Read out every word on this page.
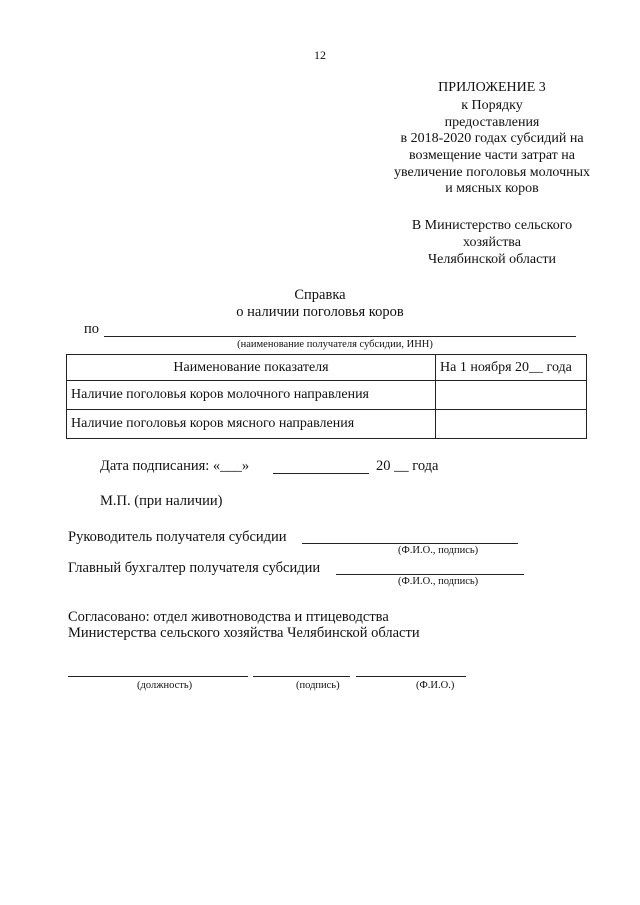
12
ПРИЛОЖЕНИЕ 3
к Порядку
предоставления
в 2018-2020 годах субсидий на
возмещение части затрат на
увеличение поголовья молочных
и мясных коров
В Министерство сельского
хозяйства
Челябинской области
Справка
о наличии поголовья коров
по
(наименование получателя субсидии, ИНН)
Наименование показателя	На 1 ноября 20__ года
Наличие поголовья коров молочного направления	
Наличие поголовья коров мясного направления	
Дата подписания: «___»	20 __ года
М.П. (при наличии)
Руководитель получателя субсидии
(Ф.И.О., подпись)
Главный бухгалтер получателя субсидии
(Ф.И.О., подпись)
Согласовано: отдел животноводства и птицеводства
Министерства сельского хозяйства Челябинской области
(должность)	(подпись)	(Ф.И.О.)
